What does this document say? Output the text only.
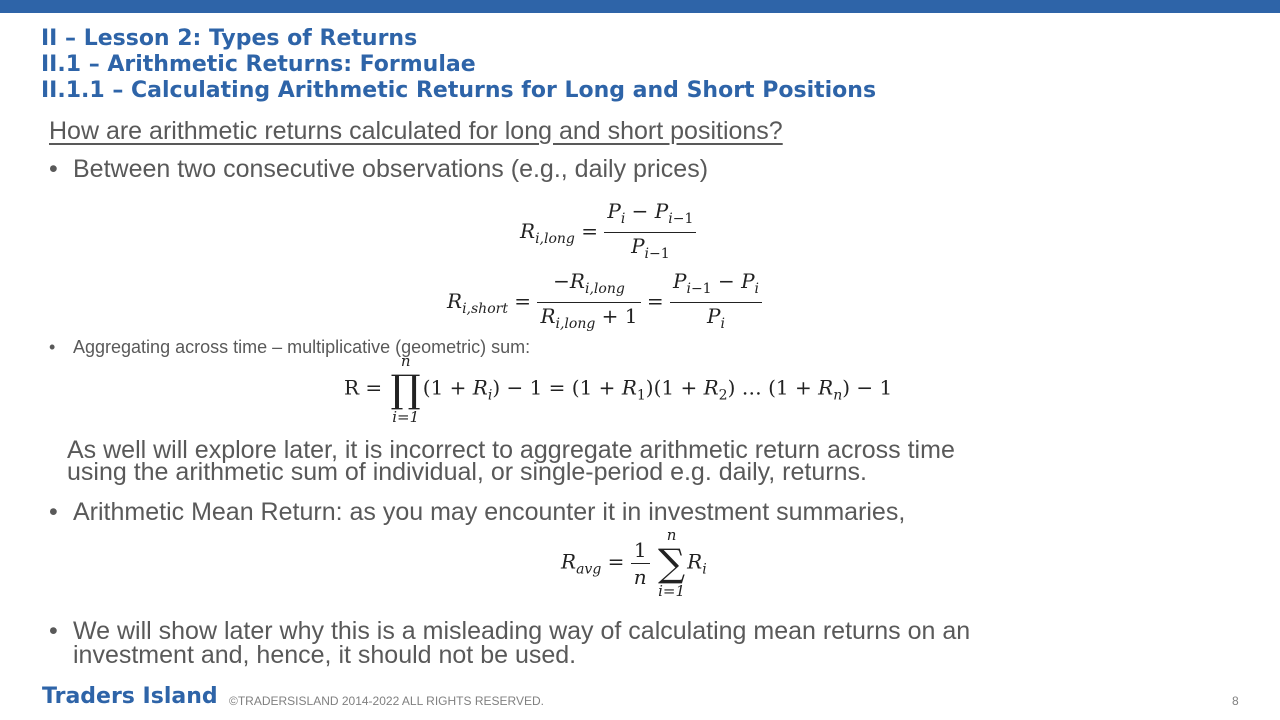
II – Lesson 2: Types of Returns
II.1 – Arithmetic Returns: Formulae
II.1.1 – Calculating Arithmetic Returns for Long and Short Positions
How are arithmetic returns calculated for long and short positions?
• Between two consecutive observations (e.g., daily prices)
$R_{i,long} = \frac{P_i - P_{i-1}}{P_{i-1}}$
$R_{i,short} = \frac{-R_{i,long}}{R_{i,long} + 1} = \frac{P_{i-1} - P_i}{P_i}$
• Aggregating across time – multiplicative (geometric) sum:
R =
n
∏
i=1
$(1 + R_i) - 1 = (1 + R_1)(1 + R_2)$ … $(1 + R_n) - 1$
As well will explore later, it is incorrect to aggregate arithmetic return across time
using the arithmetic sum of individual, or single-period e.g. daily, returns.
• Arithmetic Mean Return: as you may encounter it in investment summaries,
$R_{avg} = \frac{1}{n}$

n
∑
i=1
$R_i$
• We will show later why this is a misleading way of calculating mean returns on an
investment and, hence, it should not be used.
Traders Island ©TRADERSISLAND 2014-2022 ALL RIGHTS RESERVED.	8
